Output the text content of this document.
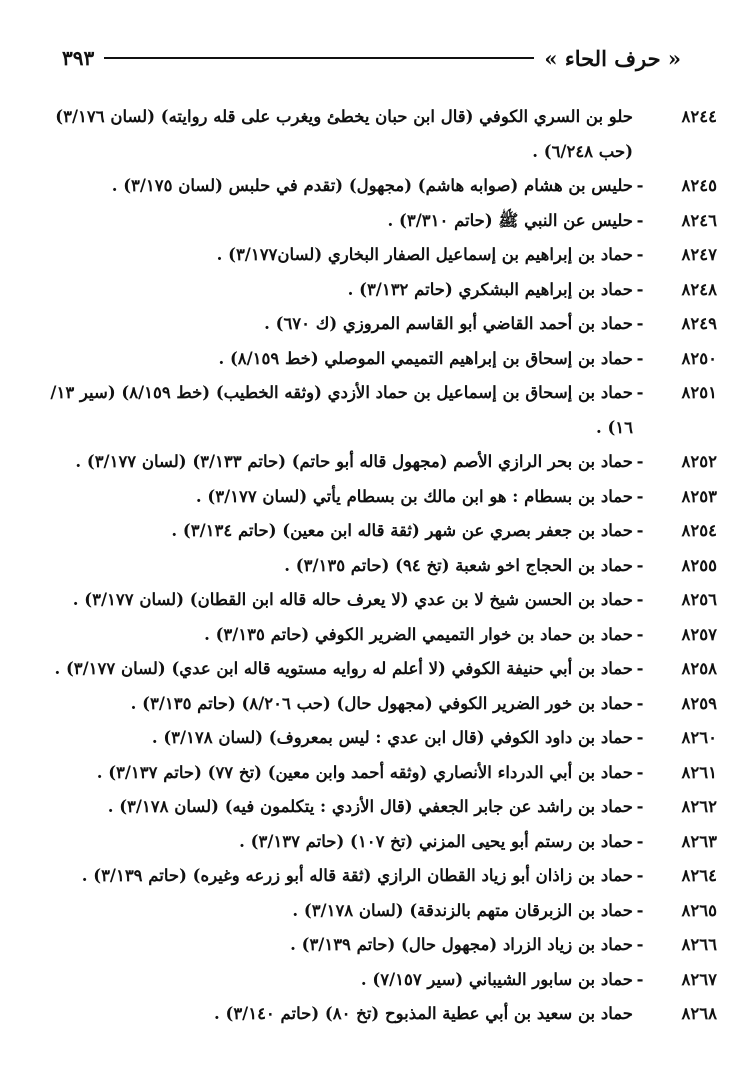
« حرف الحاء »
٣٩٣
٨٢٤٤
حلو بن السري الكوفي (قال ابن حبان يخطئ ويغرب على قله روايته) (لسان ٣/١٧٦) (حب ٦/٢٤٨) .
٨٢٤٥
-
حليس بن هشام (صوابه هاشم) (مجهول) (تقدم في حلبس (لسان ٣/١٧٥) .
٨٢٤٦
-
حليس عن النبي ﷺ (حاتم ٣/٣١٠) .
٨٢٤٧
-
حماد بن إبراهيم بن إسماعيل الصفار البخاري (لسان٣/١٧٧) .
٨٢٤٨
-
حماد بن إبراهيم البشكري (حاتم ٣/١٣٢) .
٨٢٤٩
-
حماد بن أحمد القاضي أبو القاسم المروزي (ك ٦٧٠) .
٨٢٥٠
-
حماد بن إسحاق بن إبراهيم التميمي الموصلي (خط ٨/١٥٩) .
٨٢٥١
-
حماد بن إسحاق بن إسماعيل بن حماد الأزدي (وثقه الخطيب) (خط ٨/١٥٩) (سير ١٣/ ١٦) .
٨٢٥٢
-
حماد بن بحر الرازي الأصم (مجهول قاله أبو حاتم) (حاتم ٣/١٣٣) (لسان ٣/١٧٧) .
٨٢٥٣
-
حماد بن بسطام : هو ابن مالك بن بسطام يأتي (لسان ٣/١٧٧) .
٨٢٥٤
-
حماد بن جعفر بصري عن شهر (ثقة قاله ابن معين) (حاتم ٣/١٣٤) .
٨٢٥٥
-
حماد بن الحجاج اخو شعبة (تخ ٩٤) (حاتم ٣/١٣٥) .
٨٢٥٦
-
حماد بن الحسن شيخ لا بن عدي (لا يعرف حاله قاله ابن القطان) (لسان ٣/١٧٧) .
٨٢٥٧
-
حماد بن حماد بن خوار التميمي الضرير الكوفي (حاتم ٣/١٣٥) .
٨٢٥٨
-
حماد بن أبي حنيفة الكوفي (لا أعلم له روايه مستويه قاله ابن عدي) (لسان ٣/١٧٧) .
٨٢٥٩
-
حماد بن خور الضرير الكوفي (مجهول حال) (حب ٨/٢٠٦) (حاتم ٣/١٣٥) .
٨٢٦٠
-
حماد بن داود الكوفي (قال ابن عدي : ليس بمعروف) (لسان ٣/١٧٨) .
٨٢٦١
-
حماد بن أبي الدرداء الأنصاري (وثقه أحمد وابن معين) (تخ ٧٧) (حاتم ٣/١٣٧) .
٨٢٦٢
-
حماد بن راشد عن جابر الجعفي (قال الأزدي : يتكلمون فيه) (لسان ٣/١٧٨) .
٨٢٦٣
-
حماد بن رستم أبو يحيى المزني (تخ ١٠٧) (حاتم ٣/١٣٧) .
٨٢٦٤
-
حماد بن زاذان أبو زياد القطان الرازي (ثقة قاله أبو زرعه وغيره) (حاتم ٣/١٣٩) .
٨٢٦٥
-
حماد بن الزبرقان متهم بالزندقة) (لسان ٣/١٧٨) .
٨٢٦٦
-
حماد بن زياد الزراد (مجهول حال) (حاتم ٣/١٣٩) .
٨٢٦٧
-
حماد بن سابور الشيباني (سير ٧/١٥٧) .
٨٢٦٨
حماد بن سعيد بن أبي عطية المذبوح (تخ ٨٠) (حاتم ٣/١٤٠) .
